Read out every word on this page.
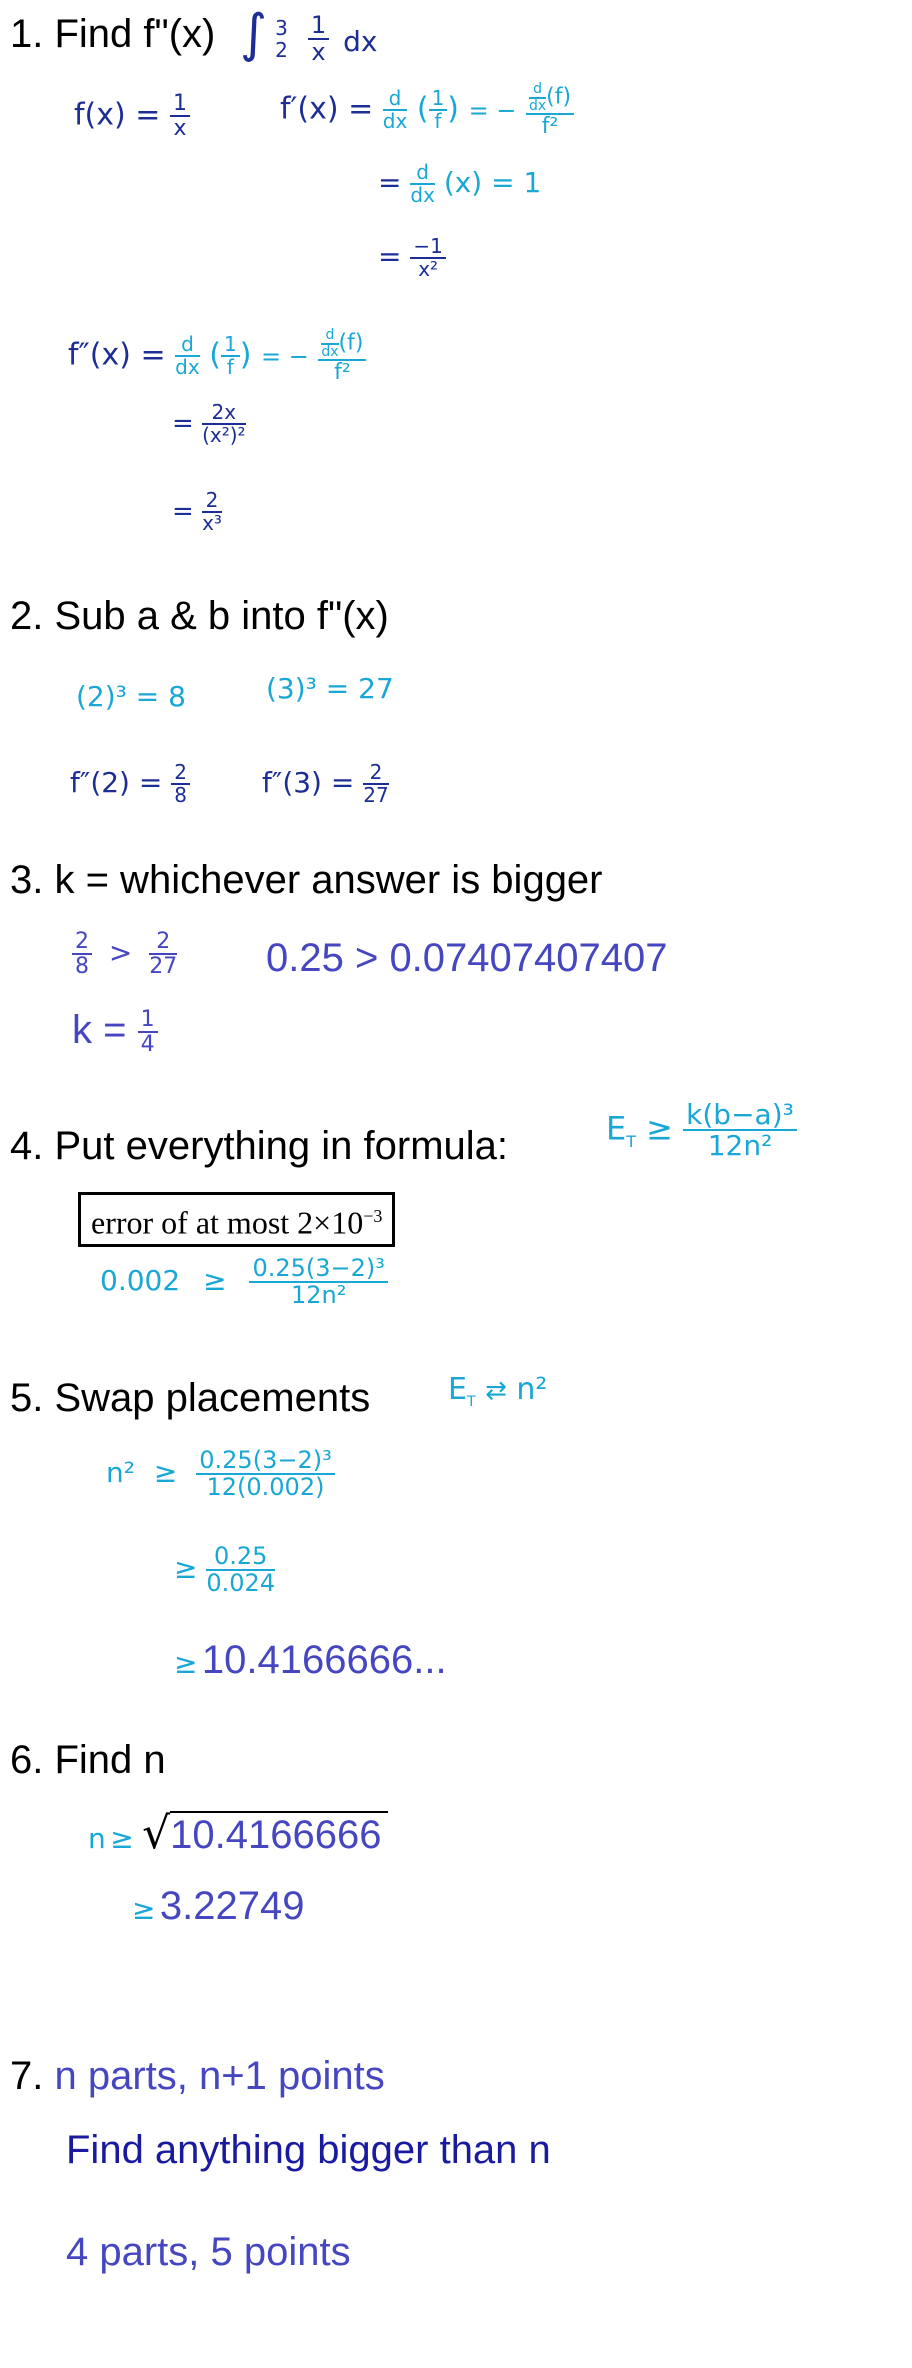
1. Find f"(x) ∫ 3
2
$\frac{1}{x}$ dx
$f(x) = \frac{1}{x}$	$f'(x) = \frac{d}{dx}$ ( $\frac{1}{f}$ ) = − $\frac{\frac{d}{dx} (f)}{\text{f²}}$
= $\frac{d}{dx} (x) = 1$
= $\frac{-1}{\text{x²}}$
$f''(x) = \frac{d}{dx}$ ( $\frac{1}{f}$ ) = − $\frac{\frac{d}{dx} (f)}{\text{f²}}$
= $\frac{2x}{\text{(x²)²}}$
= $\frac{2}{\text{x³}}$
2. Sub a & b into f"(x)
(2)³ = 8	(3)³ = 27
$f''(2) = \frac{2}{8}$	$f''(3) = \frac{2}{27}$
3. k = whichever answer is bigger
$\frac{2}{8} > \frac{2}{27} 0.25 > 0.07407407407$
$k = \frac{1}{4}$
4. Put everything in formula:	$E_T \ge \frac{\text{k(b−a)³}}{\text{12n²}}$
error of at most $2\times 10^{-3}$
$0.002 \ge \frac{\text{0.25(3−2)³}}{\text{12n²}}$
5. Swap placements	$E_T$ ⇄ n²
$n^2 \ge \frac{\text{0.25(3−2)³}}{12(0.002)}$
≥ $\frac{0.25}{0.024}$
≥ 10.4166666...
6. Find n
n ≥ √10.4166666
≥ 3.22749
7. n parts, n+1 points
Find anything bigger than n
4 parts, 5 points
